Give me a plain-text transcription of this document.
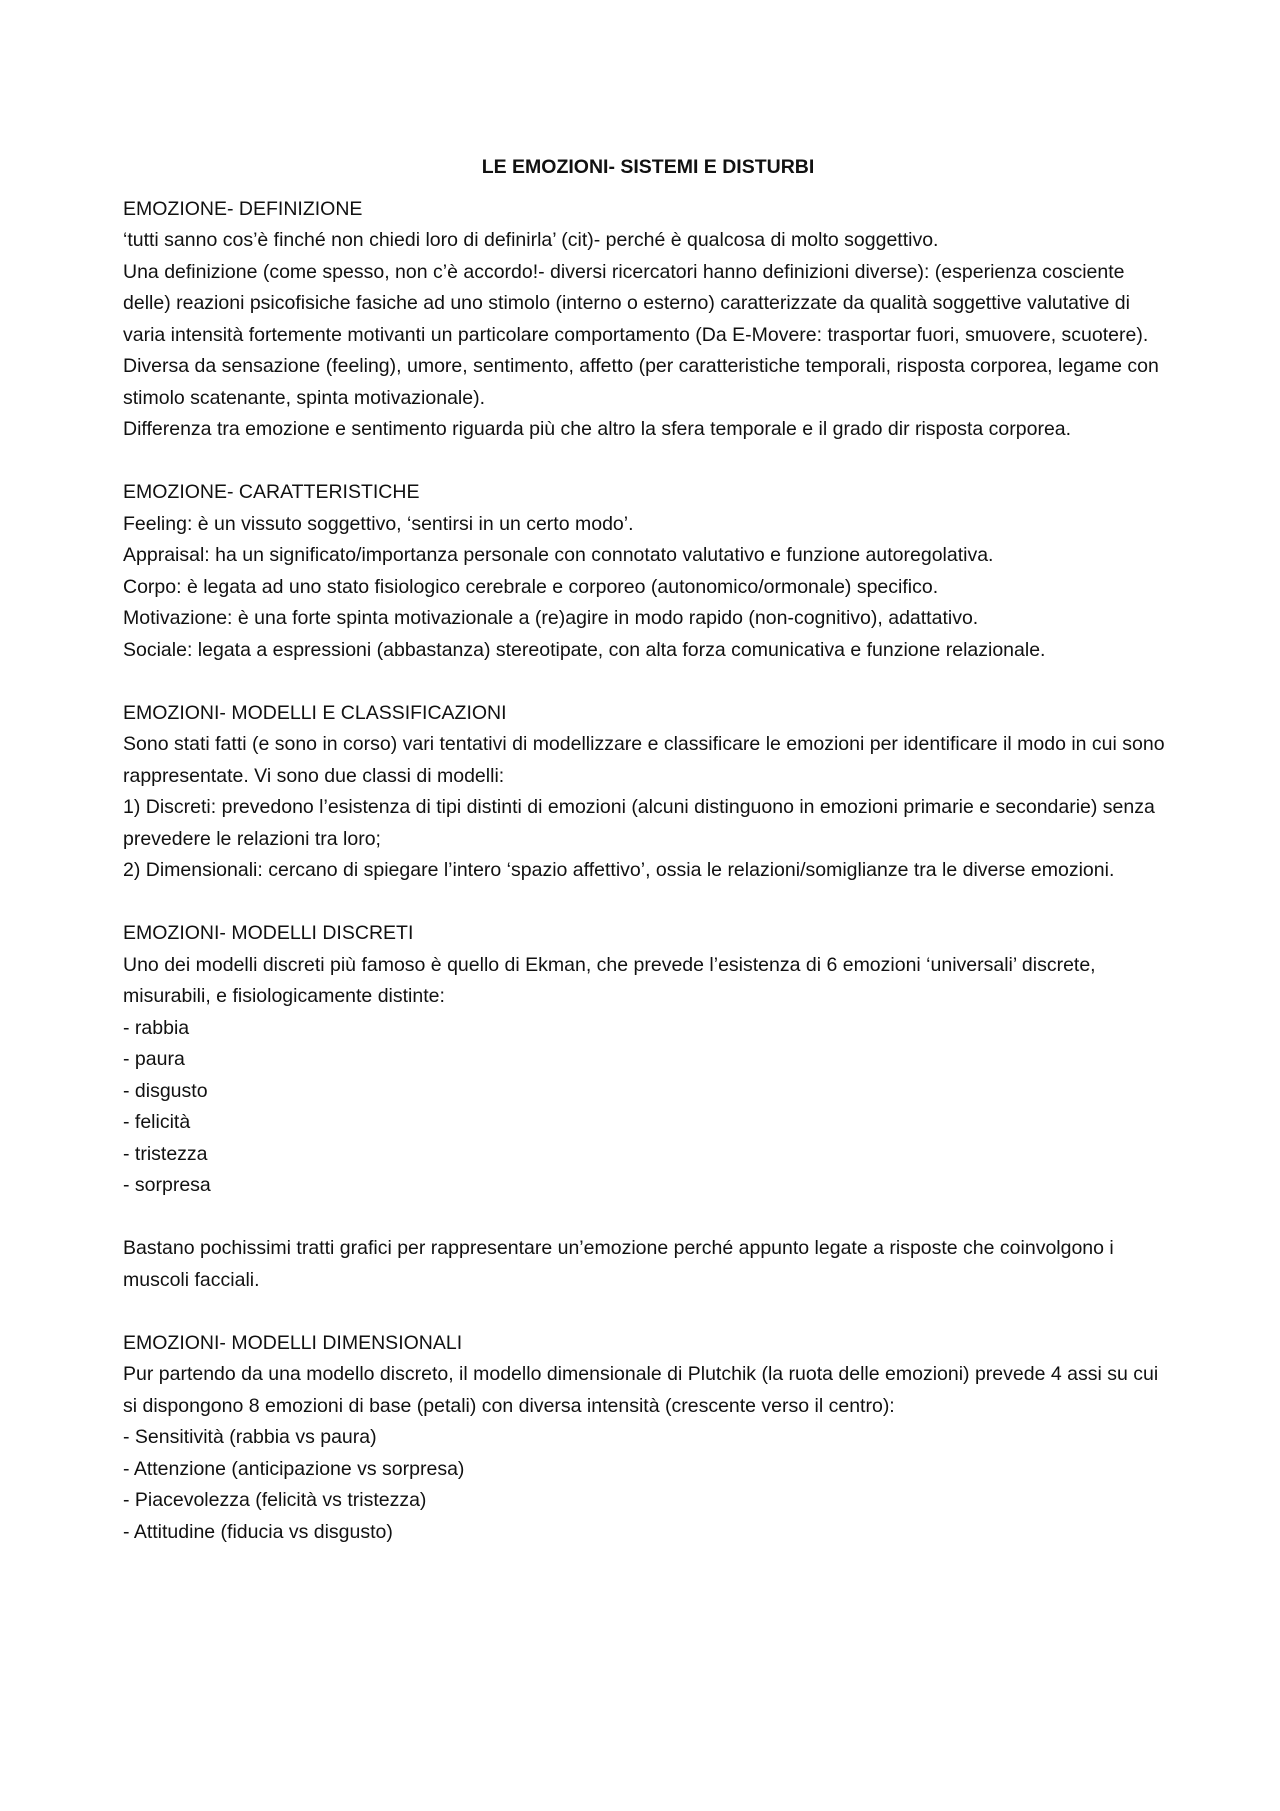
LE EMOZIONI- SISTEMI E DISTURBI

EMOZIONE- DEFINIZIONE

‘tutti sanno cos’è finché non chiedi loro di definirla’ (cit)- perché è qualcosa di molto soggettivo.

Una definizione (come spesso, non c’è accordo!- diversi ricercatori hanno definizioni diverse): (esperienza cosciente delle) reazioni psicofisiche fasiche ad uno stimolo (interno o esterno) caratterizzate da qualità soggettive valutative di varia intensità fortemente motivanti un particolare comportamento (Da E-Movere: trasportar fuori, smuovere, scuotere).

Diversa da sensazione (feeling), umore, sentimento, affetto (per caratteristiche temporali, risposta corporea, legame con stimolo scatenante, spinta motivazionale).

Differenza tra emozione e sentimento riguarda più che altro la sfera temporale e il grado dir risposta corporea.

EMOZIONE- CARATTERISTICHE

Feeling: è un vissuto soggettivo, ‘sentirsi in un certo modo’.

Appraisal: ha un significato/importanza personale con connotato valutativo e funzione autoregolativa.

Corpo: è legata ad uno stato fisiologico cerebrale e corporeo (autonomico/ormonale) specifico.

Motivazione: è una forte spinta motivazionale a (re)agire in modo rapido (non-cognitivo), adattativo.

Sociale: legata a espressioni (abbastanza) stereotipate, con alta forza comunicativa e funzione relazionale.

EMOZIONI- MODELLI E CLASSIFICAZIONI

Sono stati fatti (e sono in corso) vari tentativi di modellizzare e classificare le emozioni per identificare il modo in cui sono rappresentate. Vi sono due classi di modelli:

1) Discreti: prevedono l’esistenza di tipi distinti di emozioni (alcuni distinguono in emozioni primarie e secondarie) senza prevedere le relazioni tra loro;

2) Dimensionali: cercano di spiegare l’intero ‘spazio affettivo’, ossia le relazioni/somiglianze tra le diverse emozioni.

EMOZIONI- MODELLI DISCRETI

Uno dei modelli discreti più famoso è quello di Ekman, che prevede l’esistenza di 6 emozioni ‘universali’ discrete, misurabili, e fisiologicamente distinte:

- rabbia
- paura
- disgusto
- felicità
- tristezza
- sorpresa

Bastano pochissimi tratti grafici per rappresentare un’emozione perché appunto legate a risposte che coinvolgono i muscoli facciali.

EMOZIONI- MODELLI DIMENSIONALI

Pur partendo da una modello discreto, il modello dimensionale di Plutchik (la ruota delle emozioni) prevede 4 assi su cui si dispongono 8 emozioni di base (petali) con diversa intensità (crescente verso il centro):

- Sensitività (rabbia vs paura)
- Attenzione (anticipazione vs sorpresa)
- Piacevolezza (felicità vs tristezza)
- Attitudine (fiducia vs disgusto)
